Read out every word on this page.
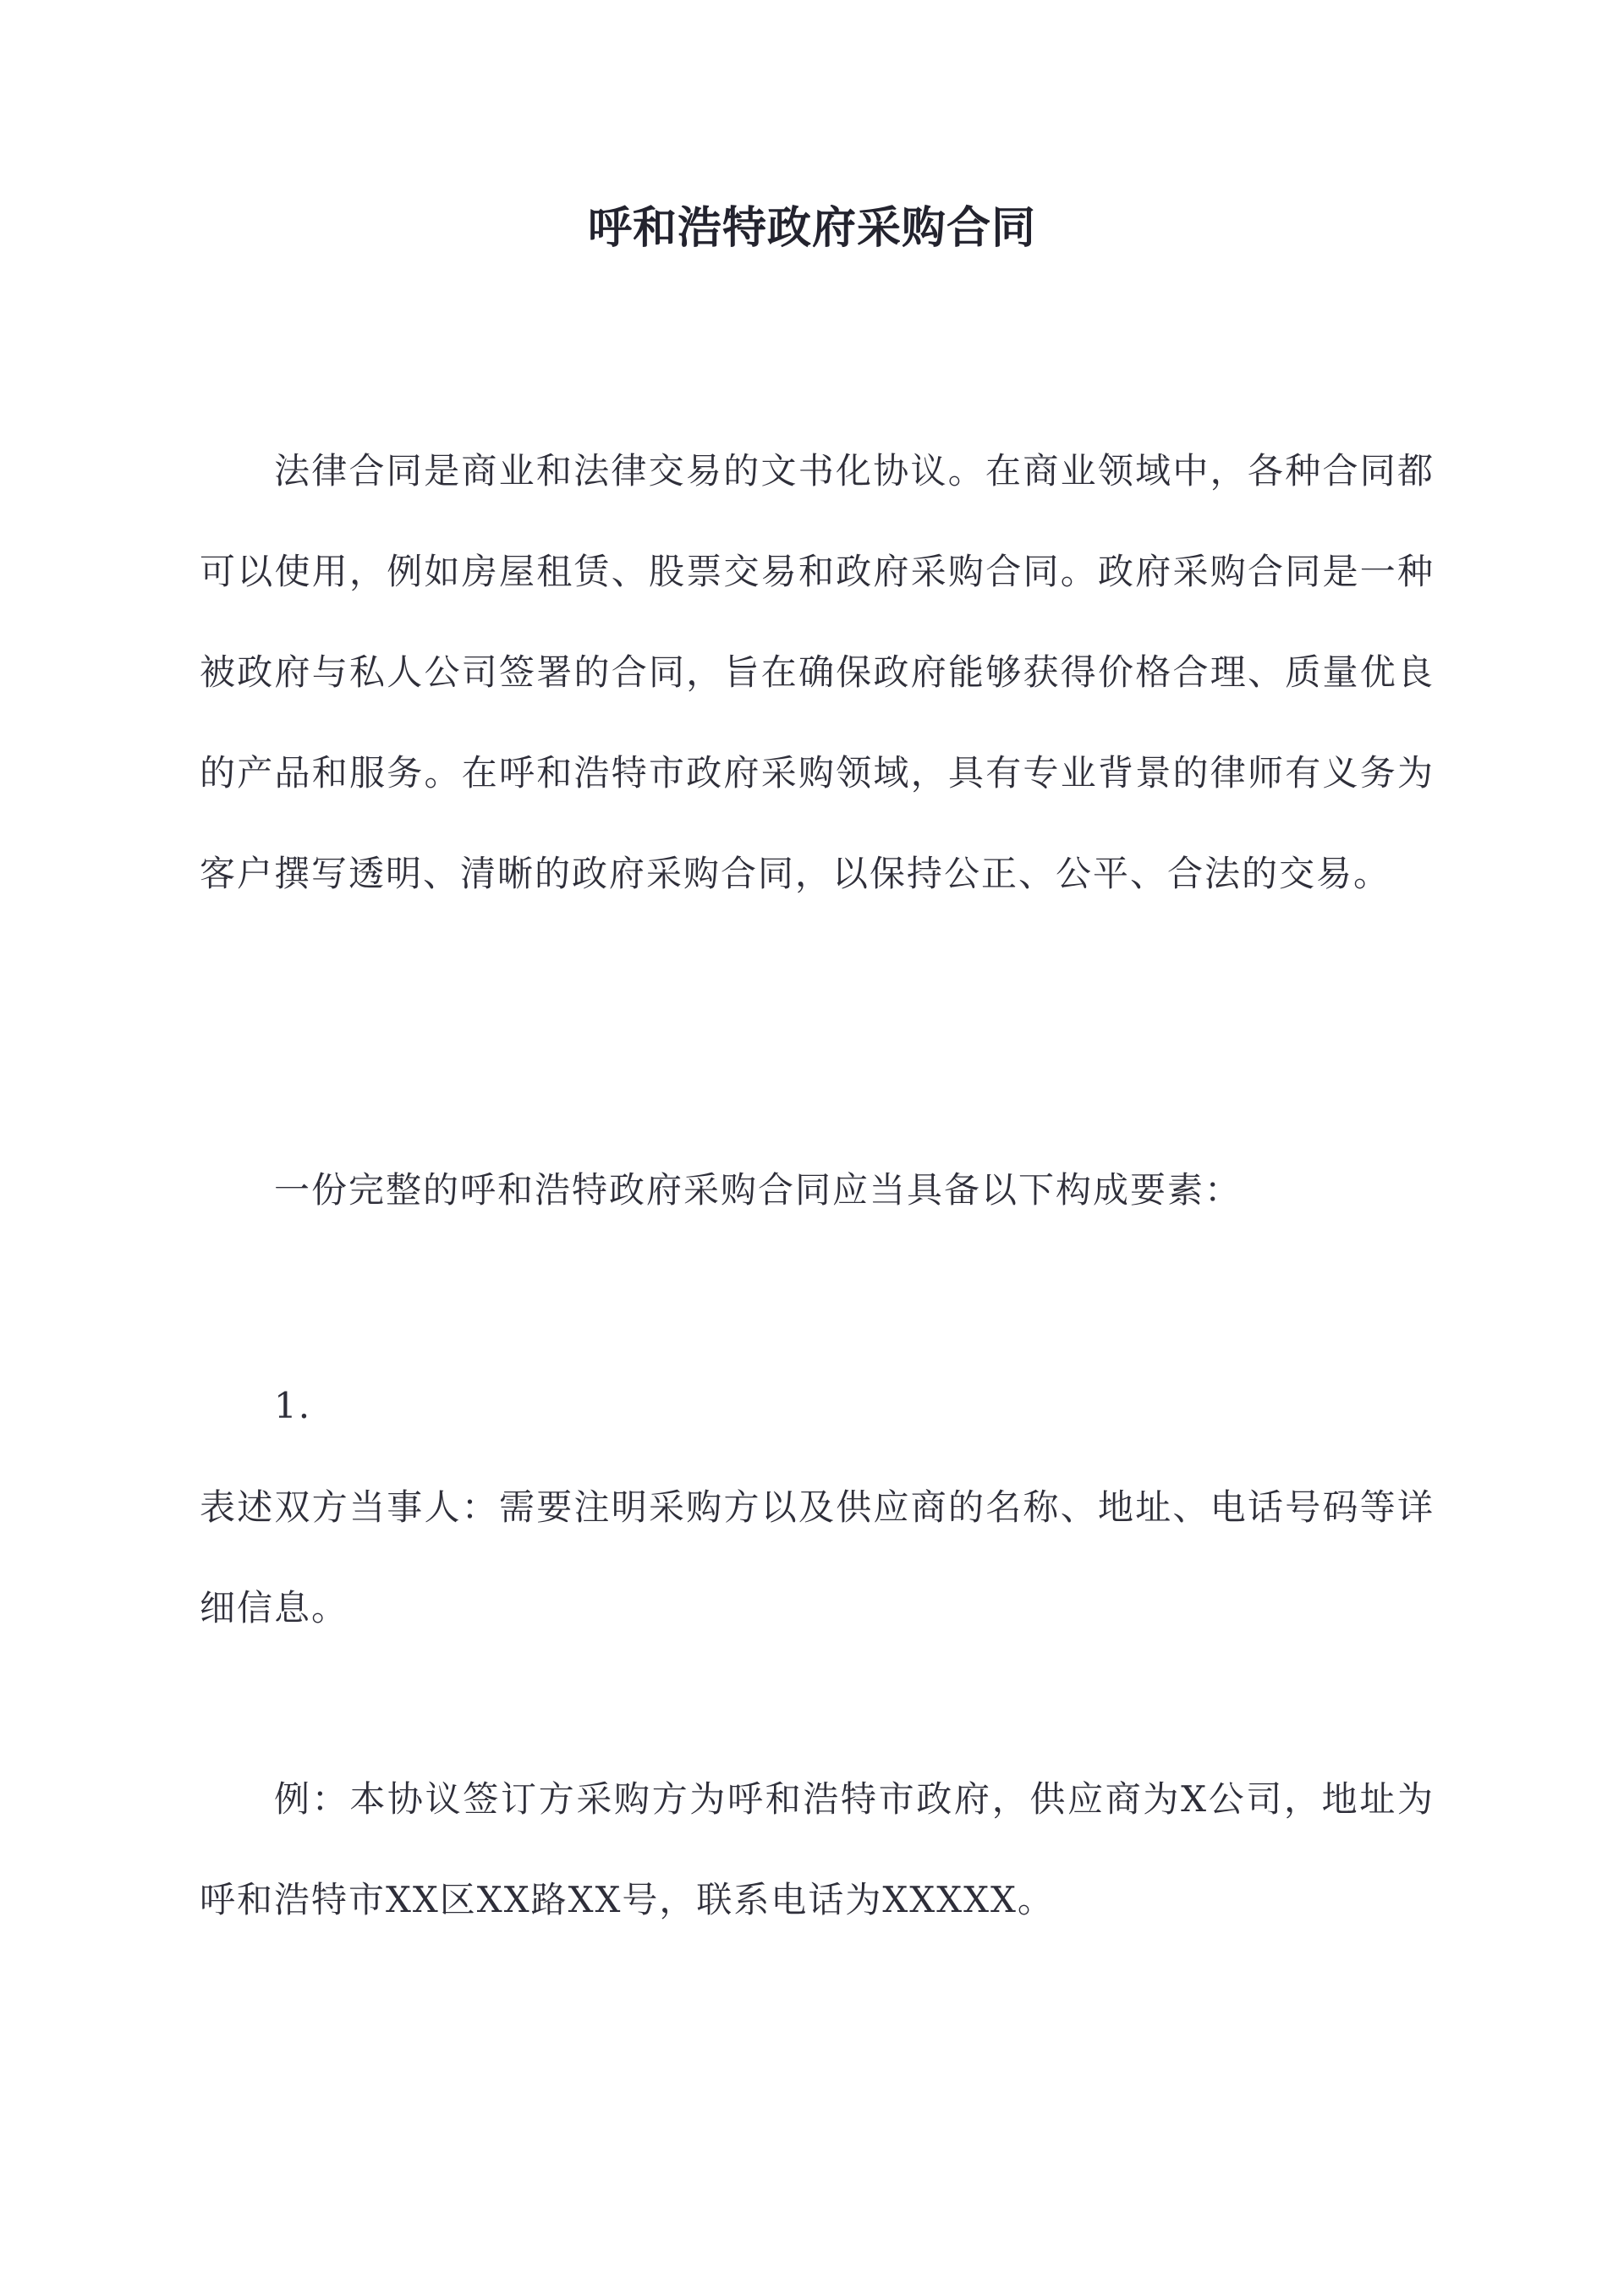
呼和浩特政府采购合同
法律合同是商业和法律交易的文书化协议。在商业领域中，各种合同都可以使用，例如房屋租赁、股票交易和政府采购合同。政府采购合同是一种被政府与私人公司签署的合同，旨在确保政府能够获得价格合理、质量优良的产品和服务。在呼和浩特市政府采购领域，具有专业背景的律师有义务为客户撰写透明、清晰的政府采购合同，以保持公正、公平、合法的交易。
一份完整的呼和浩特政府采购合同应当具备以下构成要素：
1.
表述双方当事人：需要注明采购方以及供应商的名称、地址、电话号码等详细信息。
例：本协议签订方采购方为呼和浩特市政府，供应商为X公司，地址为呼和浩特市XX区XX路XX号，联系电话为XXXXX。
